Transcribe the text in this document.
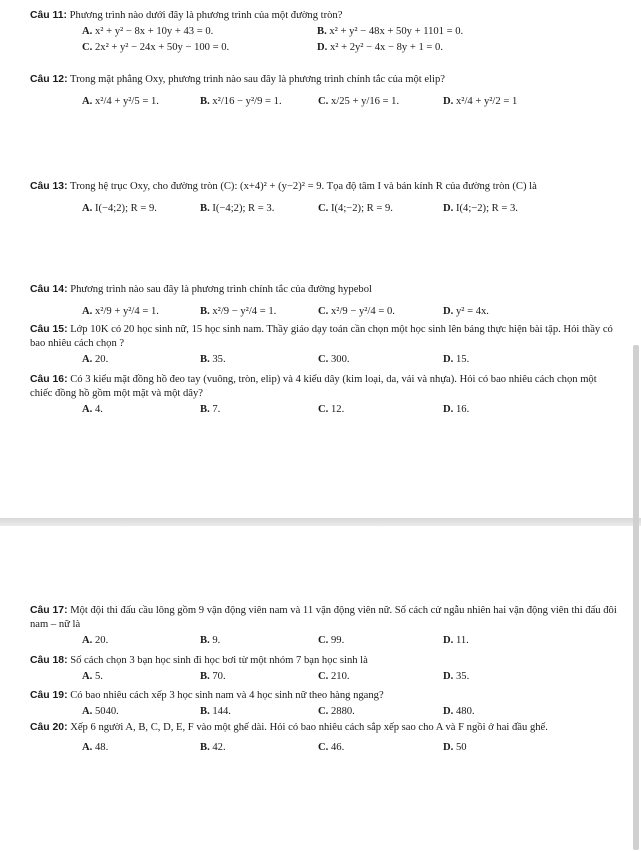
Câu 11: Phương trình nào dưới đây là phương trình của một đường tròn?
A. x² + y² − 8x + 10y + 43 = 0.	B. x² + y² − 48x + 50y + 1101 = 0.
C. 2x² + y² − 24x + 50y − 100 = 0.	D. x² + 2y² − 4x − 8y + 1 = 0.
Câu 12: Trong mặt phẳng Oxy, phương trình nào sau đây là phương trình chính tắc của một elip?
A. x²/4 + y²/5 = 1.	B. x²/16 − y²/9 = 1.	C. x/25 + y/16 = 1.	D. x²/4 + y²/2 = 1
Câu 13: Trong hệ trục Oxy, cho đường tròn (C): (x+4)² + (y−2)² = 9. Tọa độ tâm I và bán kính R của đường tròn (C) là
A. I(−4;2); R = 9.	B. I(−4;2); R = 3.	C. I(4;−2); R = 9.	D. I(4;−2); R = 3.
Câu 14: Phương trình nào sau đây là phương trình chính tắc của đường hypebol
A. x²/9 + y²/4 = 1.	B. x²/9 − y²/4 = 1.	C. x²/9 − y²/4 = 0.	D. y² = 4x.
Câu 15: Lớp 10K có 20 học sinh nữ, 15 học sinh nam. Thầy giáo dạy toán cần chọn một học sinh lên bảng thực hiện bài tập. Hỏi thầy có bao nhiêu cách chọn ?
A. 20.	B. 35.	C. 300.	D. 15.
Câu 16: Có 3 kiểu mặt đồng hồ đeo tay (vuông, tròn, elip) và 4 kiểu dây (kim loại, da, vải và nhựa). Hỏi có bao nhiêu cách chọn một chiếc đồng hồ gồm một mặt và một dây?
A. 4.	B. 7.	C. 12.	D. 16.
Câu 17: Một đội thi đấu cầu lông gồm 9 vận động viên nam và 11 vận động viên nữ. Số cách cử ngẫu nhiên hai vận động viên thi đấu đôi nam – nữ là
A. 20.	B. 9.	C. 99.	D. 11.
Câu 18: Số cách chọn 3 bạn học sinh đi học bơi từ một nhóm 7 bạn học sinh là
A. 5.	B. 70.	C. 210.	D. 35.
Câu 19: Có bao nhiêu cách xếp 3 học sinh nam và 4 học sinh nữ theo hàng ngang?
A. 5040.	B. 144.	C. 2880.	D. 480.
Câu 20: Xếp 6 người A, B, C, D, E, F vào một ghế dài. Hỏi có bao nhiêu cách sắp xếp sao cho A và F ngồi ở hai đầu ghế.
A. 48.	B. 42.	C. 46.	D. 50
